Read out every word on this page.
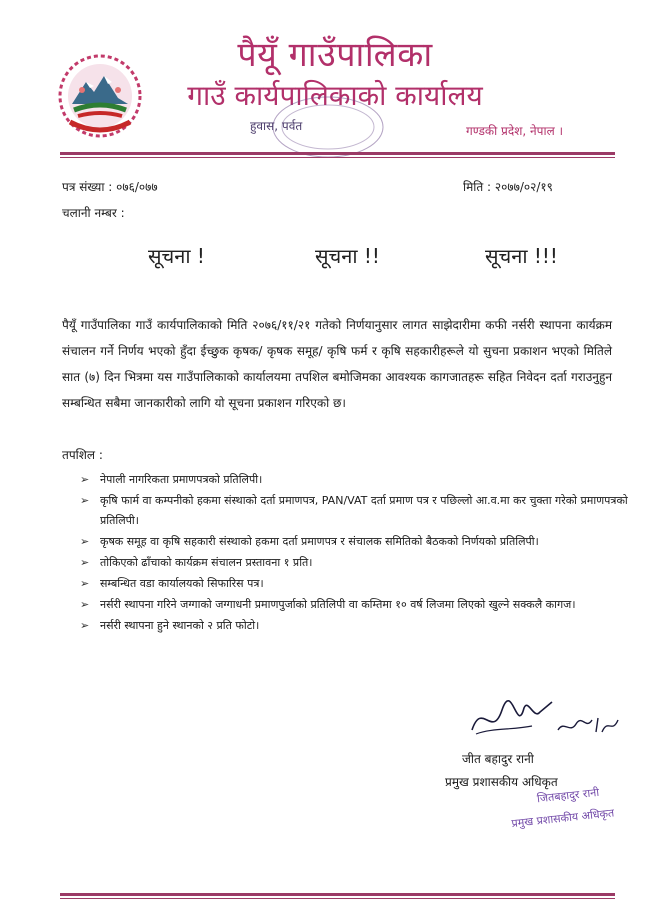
पैयूँ गाउँपालिका
गाउँ कार्यपालिकाको कार्यालय
हुवास, पर्वत	गण्डकी प्रदेश, नेपाल ।
पत्र संख्या : ०७६/०७७	मिति : २०७७/०२/१९
चलानी नम्बर :
सूचना !	सूचना !!	सूचना !!!
पैयूँ गाउँपालिका गाउँ कार्यपालिकाको मिति २०७६/११/२१ गतेको निर्णयानुसार लागत साझेदारीमा कफी नर्सरी स्थापना कार्यक्रम संचालन गर्ने निर्णय भएको हुँदा ईच्छुक कृषक/ कृषक समूह/ कृषि फर्म र कृषि सहकारीहरूले यो सुचना प्रकाशन भएको मितिले सात (७) दिन भित्रमा यस गाउँपालिकाको कार्यालयमा तपशिल बमोजिमका आवश्यक कागजातहरू सहित निवेदन दर्ता गराउनुहुन सम्बन्धित सबैमा जानकारीको लागि यो सूचना प्रकाशन गरिएको छ।
तपशिल :
➢ नेपाली नागरिकता प्रमाणपत्रको प्रतिलिपी।
➢ कृषि फार्म वा कम्पनीको हकमा संस्थाको दर्ता प्रमाणपत्र, PAN/VAT दर्ता प्रमाण पत्र र पछिल्लो आ.व.मा कर चुक्ता गरेको प्रमाणपत्रको प्रतिलिपी।
➢ कृषक समूह वा कृषि सहकारी संस्थाको हकमा दर्ता प्रमाणपत्र र संचालक समितिको बैठकको निर्णयको प्रतिलिपी।
➢ तोकिएको ढाँचाको कार्यक्रम संचालन प्रस्तावना १ प्रति।
➢ सम्बन्धित वडा कार्यालयको सिफारिस पत्र।
➢ नर्सरी स्थापना गरिने जग्गाको जग्गाधनी प्रमाणपुर्जाको प्रतिलिपी वा कम्तिमा १० वर्ष लिजमा लिएको खुल्ने सक्कलै कागज।
➢ नर्सरी स्थापना हुने स्थानको २ प्रति फोटो।
जीत बहादुर रानी
प्रमुख प्रशासकीय अधिकृत
जितबहादुर रानी
प्रमुख प्रशासकीय अधिकृत
